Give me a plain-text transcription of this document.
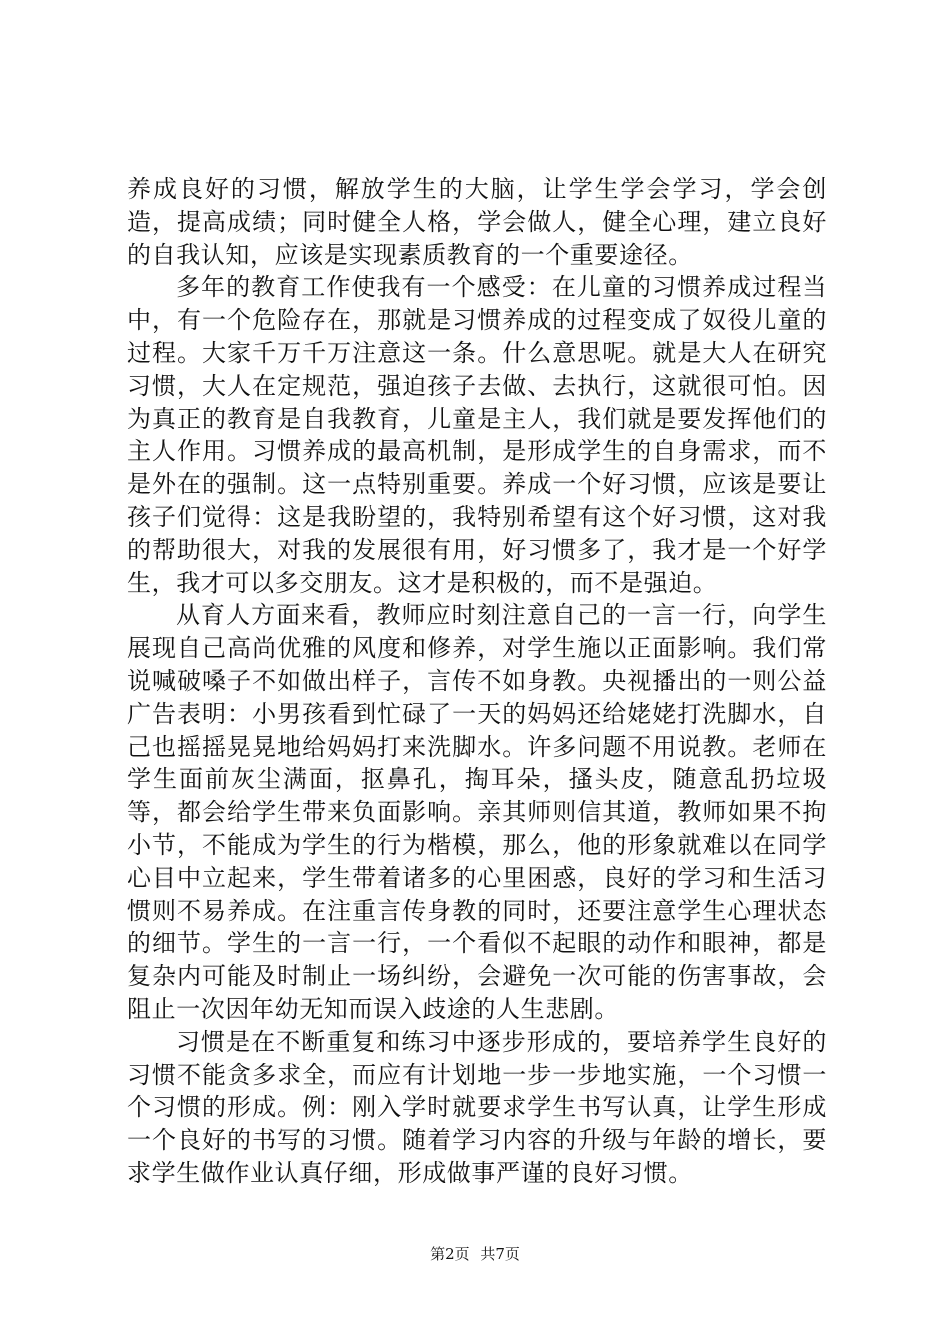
养成良好的习惯，解放学生的大脑，让学生学会学习，学会创造，提高成绩；同时健全人格，学会做人，健全心理，建立良好的自我认知，应该是实现素质教育的一个重要途径。

多年的教育工作使我有一个感受：在儿童的习惯养成过程当中，有一个危险存在，那就是习惯养成的过程变成了奴役儿童的过程。大家千万千万注意这一条。什么意思呢。就是大人在研究习惯，大人在定规范，强迫孩子去做、去执行，这就很可怕。因为真正的教育是自我教育，儿童是主人，我们就是要发挥他们的主人作用。习惯养成的最高机制，是形成学生的自身需求，而不是外在的强制。这一点特别重要。养成一个好习惯，应该是要让孩子们觉得：这是我盼望的，我特别希望有这个好习惯，这对我的帮助很大，对我的发展很有用，好习惯多了，我才是一个好学生，我才可以多交朋友。这才是积极的，而不是强迫。

从育人方面来看，教师应时刻注意自己的一言一行，向学生展现自己高尚优雅的风度和修养，对学生施以正面影响。我们常说喊破嗓子不如做出样子，言传不如身教。央视播出的一则公益广告表明：小男孩看到忙碌了一天的妈妈还给姥姥打洗脚水，自己也摇摇晃晃地给妈妈打来洗脚水。许多问题不用说教。老师在学生面前灰尘满面，抠鼻孔，掏耳朵，搔头皮，随意乱扔垃圾等，都会给学生带来负面影响。亲其师则信其道，教师如果不拘小节，不能成为学生的行为楷模，那么，他的形象就难以在同学心目中立起来，学生带着诸多的心里困惑，良好的学习和生活习惯则不易养成。在注重言传身教的同时，还要注意学生心理状态的细节。学生的一言一行，一个看似不起眼的动作和眼神，都是复杂内可能及时制止一场纠纷，会避免一次可能的伤害事故，会阻止一次因年幼无知而误入歧途的人生悲剧。

习惯是在不断重复和练习中逐步形成的，要培养学生良好的习惯不能贪多求全，而应有计划地一步一步地实施，一个习惯一个习惯的形成。例：刚入学时就要求学生书写认真，让学生形成一个良好的书写的习惯。随着学习内容的升级与年龄的增长，要求学生做作业认真仔细，形成做事严谨的良好习惯。

第2页 共7页
